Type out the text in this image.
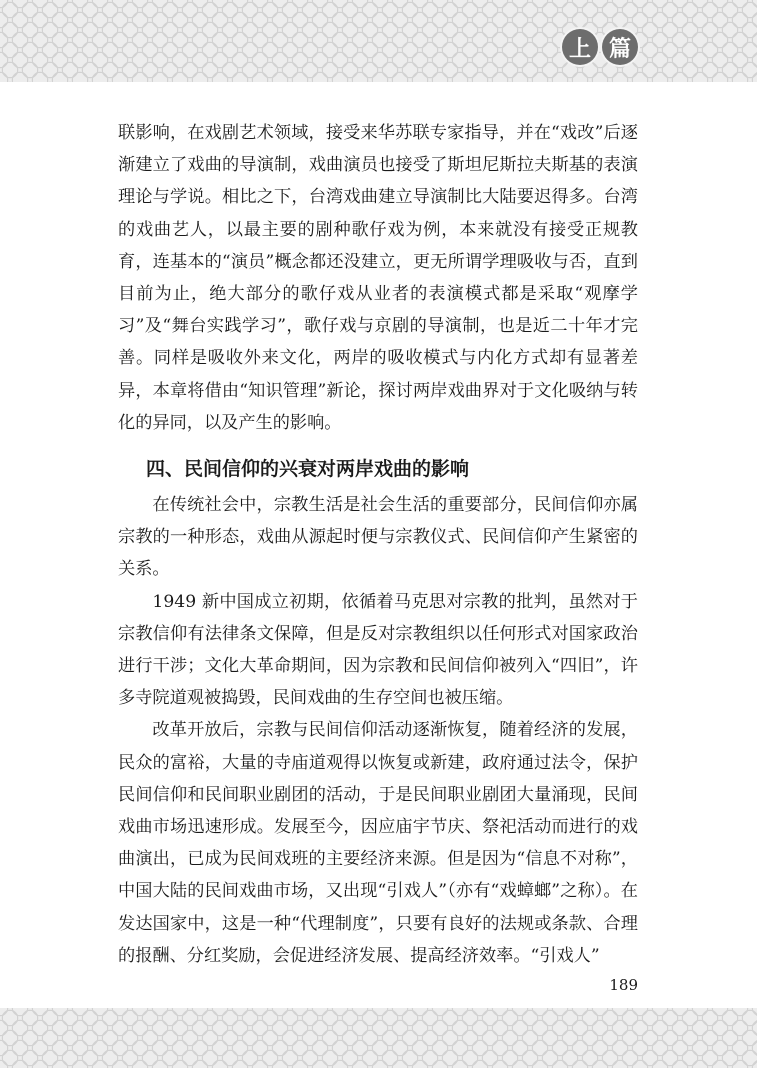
上 篇

联影响，在戏剧艺术领域，接受来华苏联专家指导，并在“戏改”后逐渐建立了戏曲的导演制，戏曲演员也接受了斯坦尼斯拉夫斯基的表演理论与学说。相比之下，台湾戏曲建立导演制比大陆要迟得多。台湾的戏曲艺人，以最主要的剧种歌仔戏为例，本来就没有接受正规教育，连基本的“演员”概念都还没建立，更无所谓学理吸收与否，直到目前为止，绝大部分的歌仔戏从业者的表演模式都是采取“观摩学习”及“舞台实践学习”，歌仔戏与京剧的导演制，也是近二十年才完善。同样是吸收外来文化，两岸的吸收模式与内化方式却有显著差异，本章将借由“知识管理”新论，探讨两岸戏曲界对于文化吸纳与转化的异同，以及产生的影响。

四、民间信仰的兴衰对两岸戏曲的影响

在传统社会中，宗教生活是社会生活的重要部分，民间信仰亦属宗教的一种形态，戏曲从源起时便与宗教仪式、民间信仰产生紧密的关系。

1949 新中国成立初期，依循着马克思对宗教的批判，虽然对于宗教信仰有法律条文保障，但是反对宗教组织以任何形式对国家政治进行干涉；文化大革命期间，因为宗教和民间信仰被列入“四旧”，许多寺院道观被捣毁，民间戏曲的生存空间也被压缩。

改革开放后，宗教与民间信仰活动逐渐恢复，随着经济的发展，民众的富裕，大量的寺庙道观得以恢复或新建，政府通过法令，保护民间信仰和民间职业剧团的活动，于是民间职业剧团大量涌现，民间戏曲市场迅速形成。发展至今，因应庙宇节庆、祭祀活动而进行的戏曲演出，已成为民间戏班的主要经济来源。但是因为“信息不对称”，中国大陆的民间戏曲市场，又出现“引戏人”（亦有“戏蟑螂”之称）。在发达国家中，这是一种“代理制度”，只要有良好的法规或条款、合理的报酬、分红奖励，会促进经济发展、提高经济效率。“引戏人”

189
